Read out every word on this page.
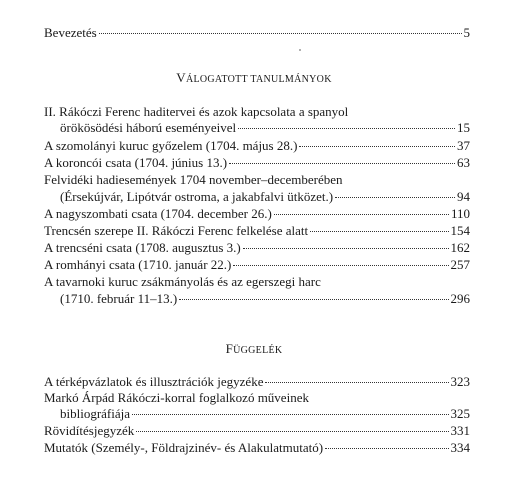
Bevezetés	5
VÁLOGATOTT TANULMÁNYOK
II. Rákóczi Ferenc haditervei és azok kapcsolata a spanyol
örökösödési háború eseményeivel	15
A szomolányi kuruc győzelem (1704. május 28.)	37
A koroncói csata (1704. június 13.)	63
Felvidéki hadiesemények 1704 november–decemberében
(Érsekújvár, Lipótvár ostroma, a jakabfalvi ütközet.)	94
A nagyszombati csata (1704. december 26.)	110
Trencsén szerepe II. Rákóczi Ferenc felkelése alatt	154
A trencséni csata (1708. augusztus 3.)	162
A romhányi csata (1710. január 22.)	257
A tavarnoki kuruc zsákmányolás és az egerszegi harc
(1710. február 11–13.)	296
FÜGGELÉK
A térképvázlatok és illusztrációk jegyzéke	323
Markó Árpád Rákóczi-korral foglalkozó műveinek
bibliográfiája	325
Rövidítésjegyzék	331
Mutatók (Személy-, Földrajzinév- és Alakulatmutató)	334
